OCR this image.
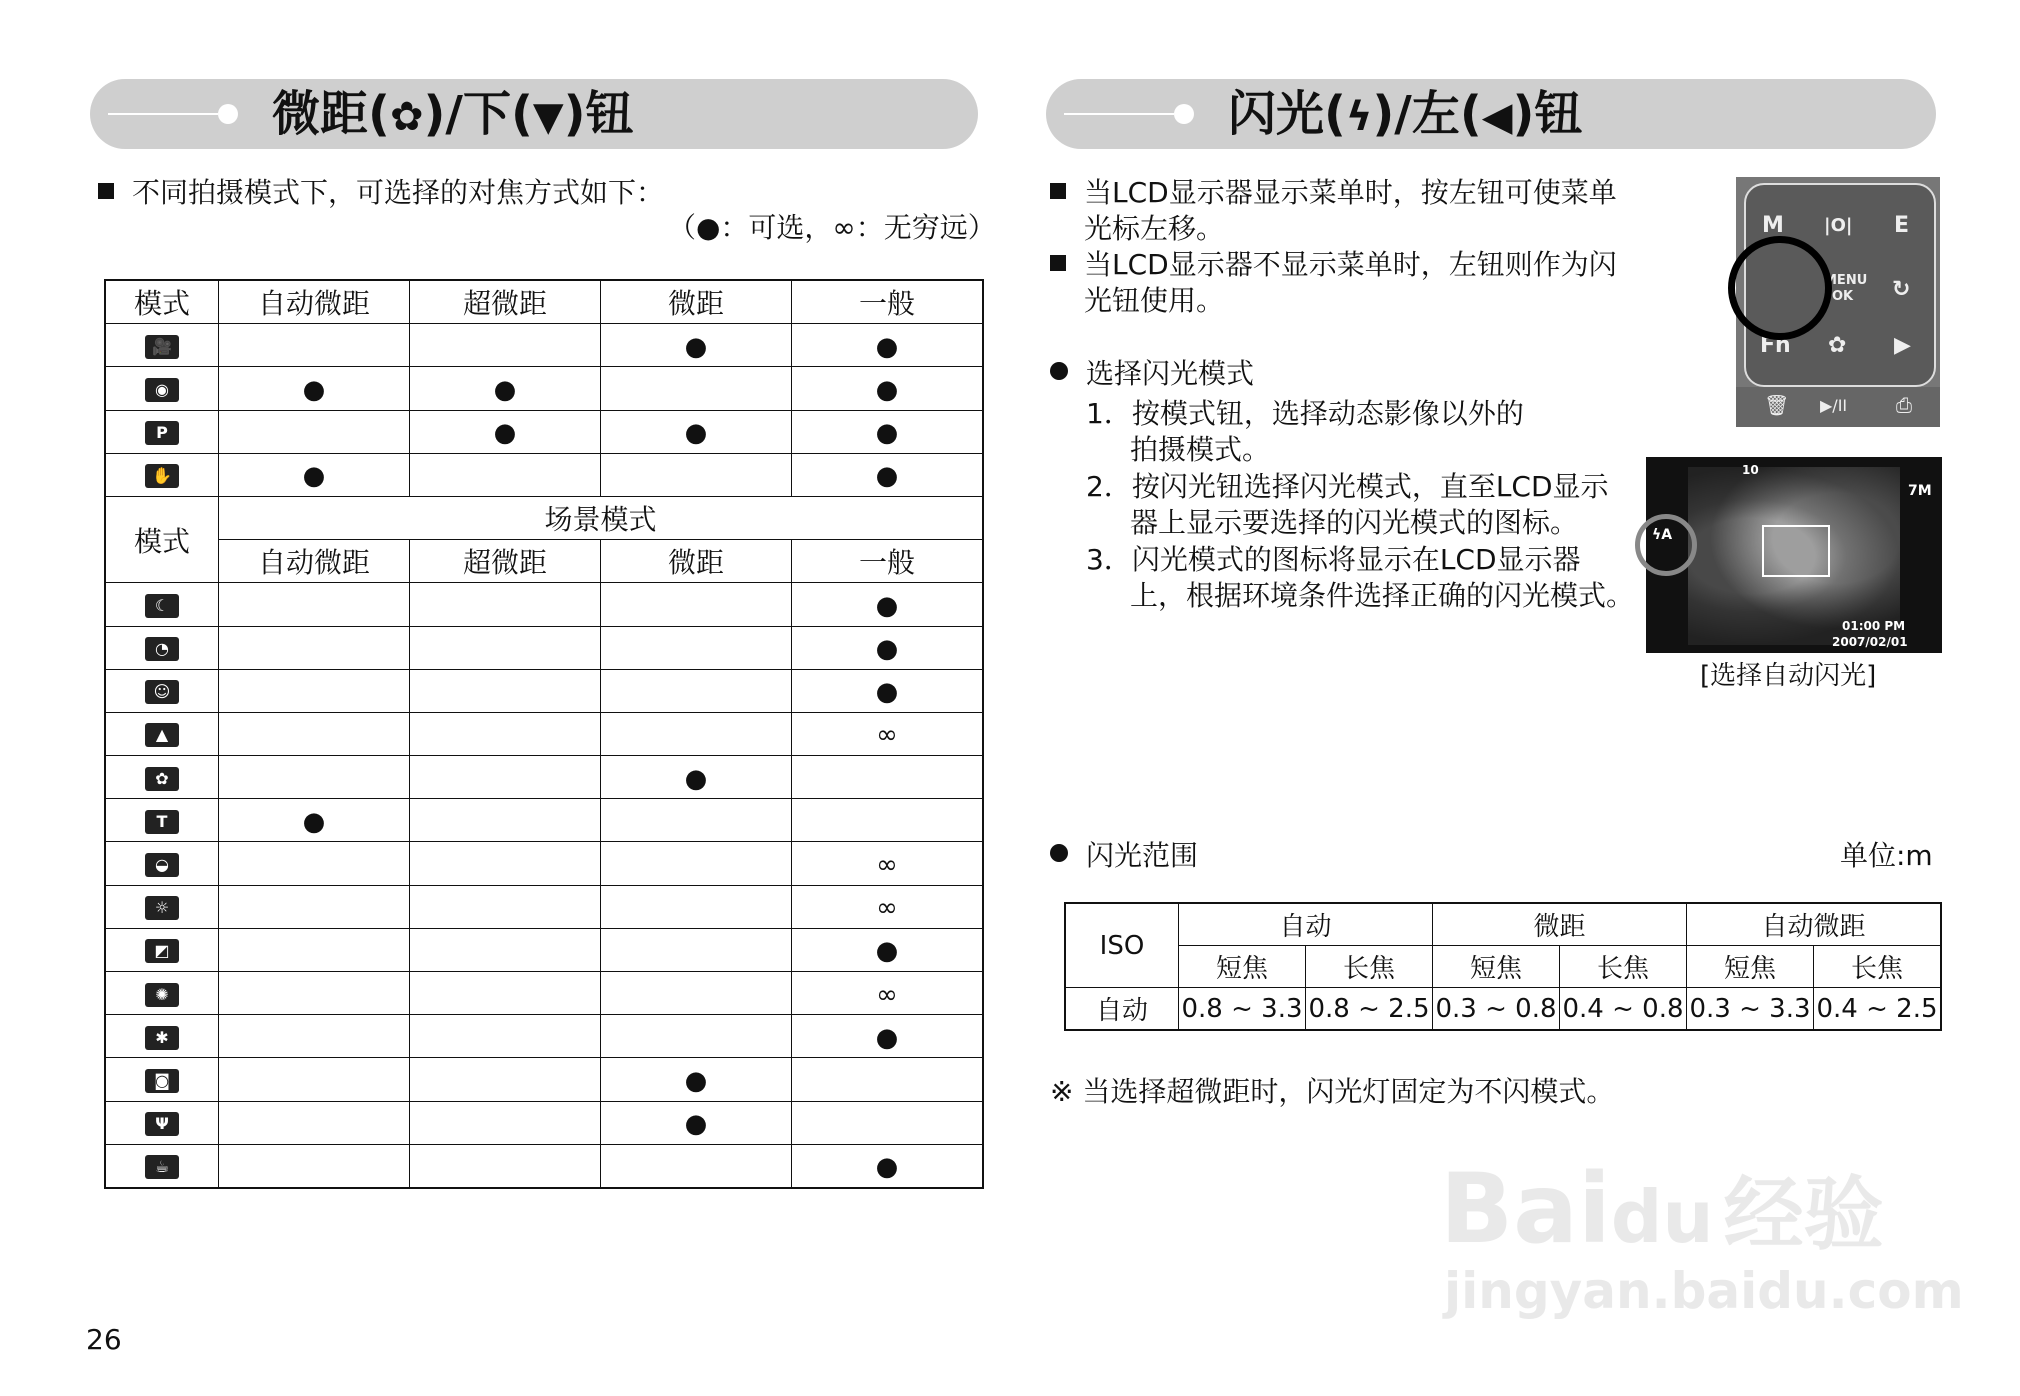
微距(✿)/下(▼)钮
不同拍摄模式下，可选择的对焦方式如下：
（●：可选，∞：无穷远）
模式	自动微距	超微距	微距	一般
🎥			●	●
◉	●	●		●
P		●	●	●
✋	●			●
模式	场景模式			
	自动微距	超微距	微距	一般
☾				●
◔				●
☺				●
▲				∞
✿			●	
T	●			
◒				∞
☼				∞
◩				●
✺				∞
✱				●
◙			●	
Ψ			●	
☕				●
闪光(ϟ)/左(◀)钮
当LCD显示器显示菜单时，按左钮可使菜单
光标左移。
当LCD显示器不显示菜单时，左钮则作为闪
光钮使用。
选择闪光模式
1．按模式钮，选择动态影像以外的
拍摄模式。
2．按闪光钮选择闪光模式，直至LCD显示
器上显示要选择的闪光模式的图标。
3．闪光模式的图标将显示在LCD显示器
上，根据环境条件选择正确的闪光模式。
M |O| E
MENU
OK ↻
Fn ✿ ▶
🗑 ▶/II ⎙
10
7M
ϟA
01:00 PM
2007/02/01
[选择自动闪光]
闪光范围	单位:m
ISO	自动		微距		自动微距	
	短焦	长焦	短焦	长焦	短焦	长焦
自动	0.8 ~ 3.3	0.8 ~ 2.5	0.3 ~ 0.8	0.4 ~ 0.8	0.3 ~ 3.3	0.4 ~ 2.5
※ 当选择超微距时，闪光灯固定为不闪模式。
26
Baidu 经验
jingyan.baidu.com
